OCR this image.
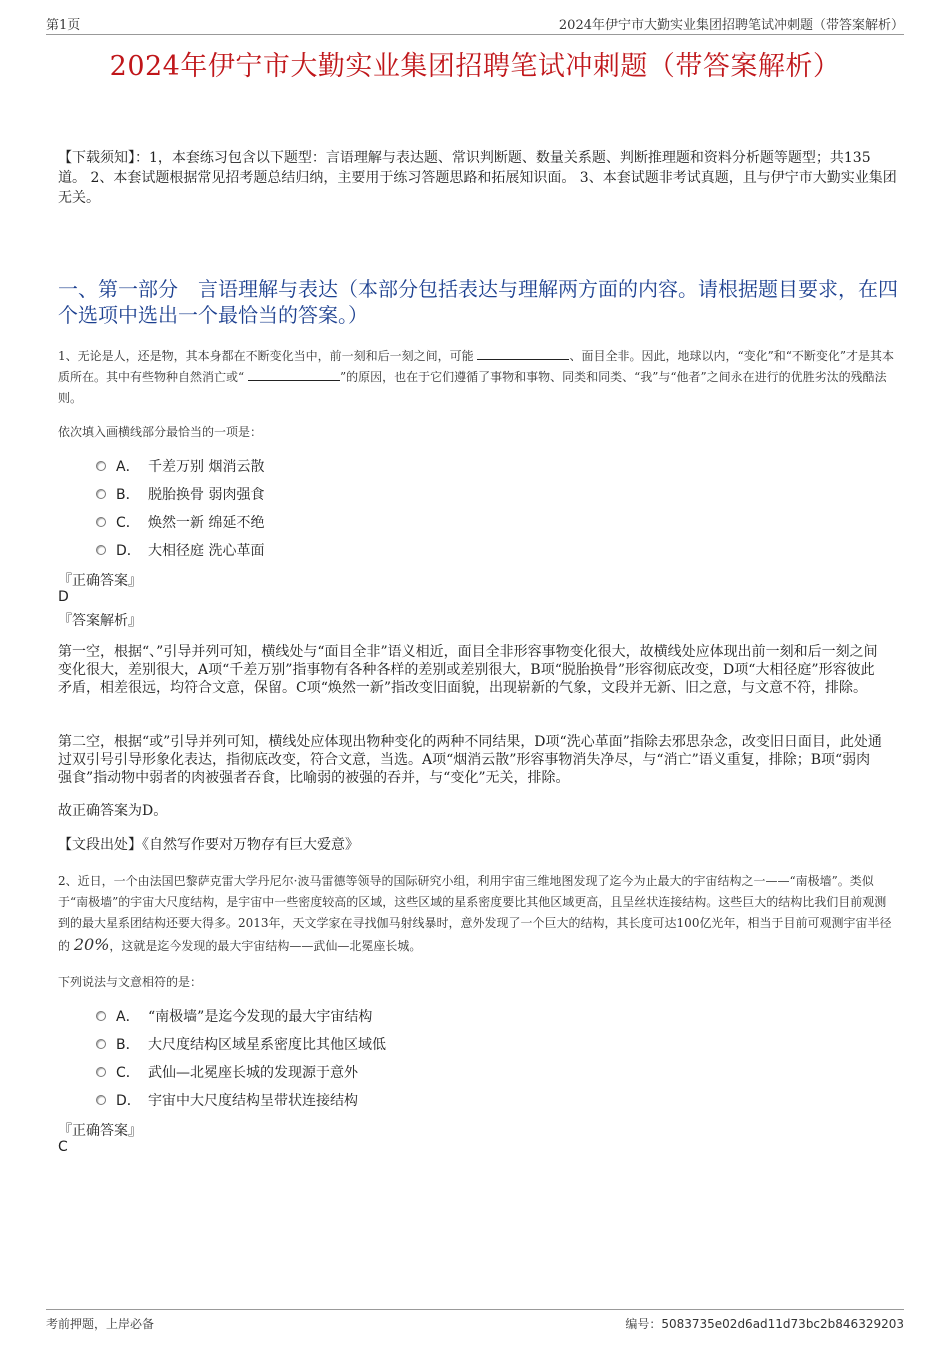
第1页	2024年伊宁市大勤实业集团招聘笔试冲刺题（带答案解析）
2024年伊宁市大勤实业集团招聘笔试冲刺题（带答案解析）
【下载须知】：1，本套练习包含以下题型：言语理解与表达题、常识判断题、数量关系题、判断推理题和资料分析题等题型；共135道。 2、本套试题根据常见招考题总结归纳，主要用于练习答题思路和拓展知识面。 3、本套试题非考试真题，且与伊宁市大勤实业集团无关。
一、第一部分　言语理解与表达（本部分包括表达与理解两方面的内容。请根据题目要求，在四个选项中选出一个最恰当的答案。）
1、无论是人，还是物，其本身都在不断变化当中，前一刻和后一刻之间，可能	、面目全非。因此，地球以内，“变化”和“不断变化”才是其本质所在。其中有些物种自然消亡或“	”的原因，也在于它们遵循了事物和事物、同类和同类、“我”与“他者”之间永在进行的优胜劣汰的残酷法则。
依次填入画横线部分最恰当的一项是：
A． 千差万别 烟消云散
B． 脱胎换骨 弱肉强食
C． 焕然一新 绵延不绝
D． 大相径庭 洗心革面
『正确答案』
D
『答案解析』
第一空，根据“、”引导并列可知，横线处与“面目全非”语义相近，面目全非形容事物变化很大，故横线处应体现出前一刻和后一刻之间变化很大，差别很大，A项“千差万别”指事物有各种各样的差别或差别很大，B项“脱胎换骨”形容彻底改变，D项“大相径庭”形容彼此矛盾，相差很远，均符合文意，保留。C项“焕然一新”指改变旧面貌，出现崭新的气象，文段并无新、旧之意，与文意不符，排除。
第二空，根据“或”引导并列可知，横线处应体现出物种变化的两种不同结果，D项“洗心革面”指除去邪思杂念，改变旧日面目，此处通过双引号引导形象化表达，指彻底改变，符合文意，当选。A项“烟消云散”形容事物消失净尽，与“消亡”语义重复，排除；B项“弱肉强食”指动物中弱者的肉被强者吞食，比喻弱的被强的吞并，与“变化”无关，排除。
故正确答案为D。
【文段出处】《自然写作要对万物存有巨大爱意》
2、近日，一个由法国巴黎萨克雷大学丹尼尔·波马雷德等领导的国际研究小组，利用宇宙三维地图发现了迄今为止最大的宇宙结构之一——“南极墙”。类似于“南极墙”的宇宙大尺度结构，是宇宙中一些密度较高的区域，这些区域的星系密度要比其他区域更高，且呈丝状连接结构。这些巨大的结构比我们目前观测到的最大星系团结构还要大得多。2013年，天文学家在寻找伽马射线暴时，意外发现了一个巨大的结构，其长度可达100亿光年，相当于目前可观测宇宙半径的 20%，这就是迄今发现的最大宇宙结构——武仙—北冕座长城。
下列说法与文意相符的是：
A． “南极墙”是迄今发现的最大宇宙结构
B． 大尺度结构区域星系密度比其他区域低
C． 武仙—北冕座长城的发现源于意外
D． 宇宙中大尺度结构呈带状连接结构
『正确答案』
C
考前押题，上岸必备	编号：5083735e02d6ad11d73bc2b846329203
